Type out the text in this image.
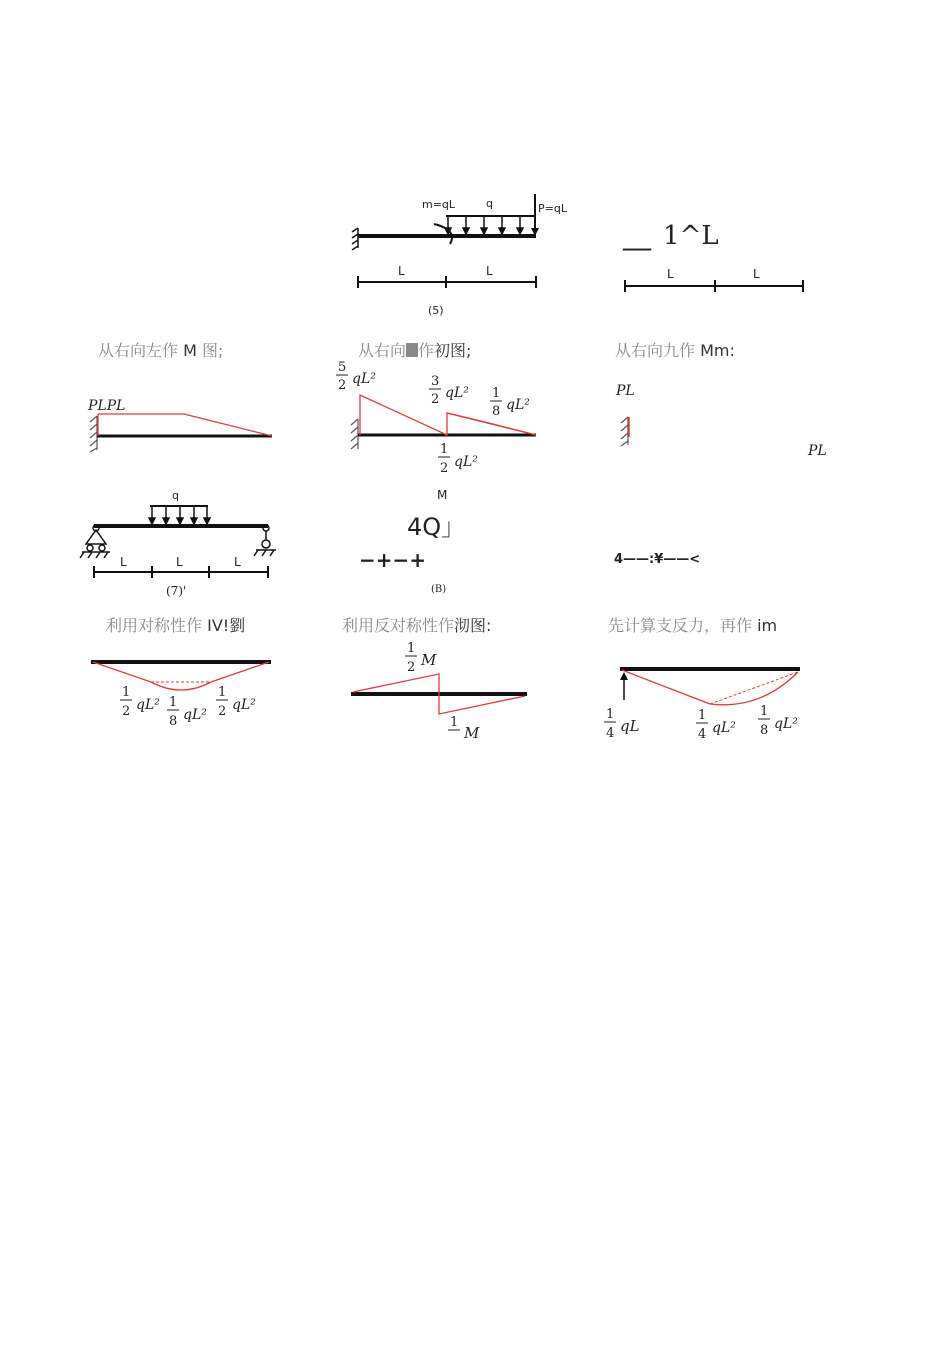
m=qL	q	P=qL
L	L
(5)
__ 1^L
L	L
从右向左作 M 图;	从右向 作初图;	从右向九作 Mm:
PLPL
5
2 qL²	3
2 qL² 1
8 qL²
1
2 qL²
PL
PL
q
L	L	L
(7)'
M
4Q」
−+−+
(B)
4——:¥——<
利用对称性作 IV!劉	利用反对称性作沏图:	先计算支反力，再作 im
1
2 qL² 1
8 qL²
1
2 qL²
1
2 M
1
M
1
4 qL
1
4 qL²
1
8 qL²
